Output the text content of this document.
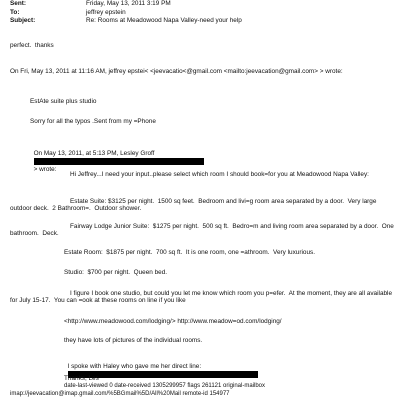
Sent:	Friday, May 13, 2011 3:19 PM
To:	jeffrey epstein
Subject:	Re: Rooms at Meadowood Napa Valley-need your help
perfect.  thanks
On Fri, May 13, 2011 at 11:16 AM, jeffrey epstei< <jeevacatio<@gmail.com <mailto:jeevacation@gmail.com> > wrote:
EstAte suite plus studio
Sorry for all the typos .Sent from my =Phone

On May 13, 2011, at 5:13 PM, Lesley Groff

> wrote:

Hi Jeffrey...I need your input..please select which room I should book=for you at Meadowood Napa Valley:
Estate Suite: $3125 per night.  1500 sq feet.  Bedroom and livi=g room area separated by a door.  Very large outdoor deck.  2 Bathroom=.  Outdoor shower.
Fairway Lodge Junior Suite:  $1275 per night.  500 sq ft.  Bedro=m and living room area separated by a door.  One bathroom.  Deck.
Estate Room:  $1875 per night.  700 sq ft.  It is one room, one =athroom.  Very luxurious.
Studio:  $700 per night.  Queen bed.
I figure I book one studio, but could you let me know which room you p=efer.  At the moment, they are all available for July 15-17.  You can =ook at these rooms on line if you like
<http://www.meadowood.com/lodging/> http://www.meadow=od.com/lodging/
they have lots of pictures of the individual rooms.

I spoke with Haley who gave me her direct line:

Thanks, Les
date-last-viewed 0 date-received 1305299957 flags 261121 original-mailbox
imap://jeevacation@imap.gmail.com/%5BGmail%5D/All%20Mail remote-id 154977
